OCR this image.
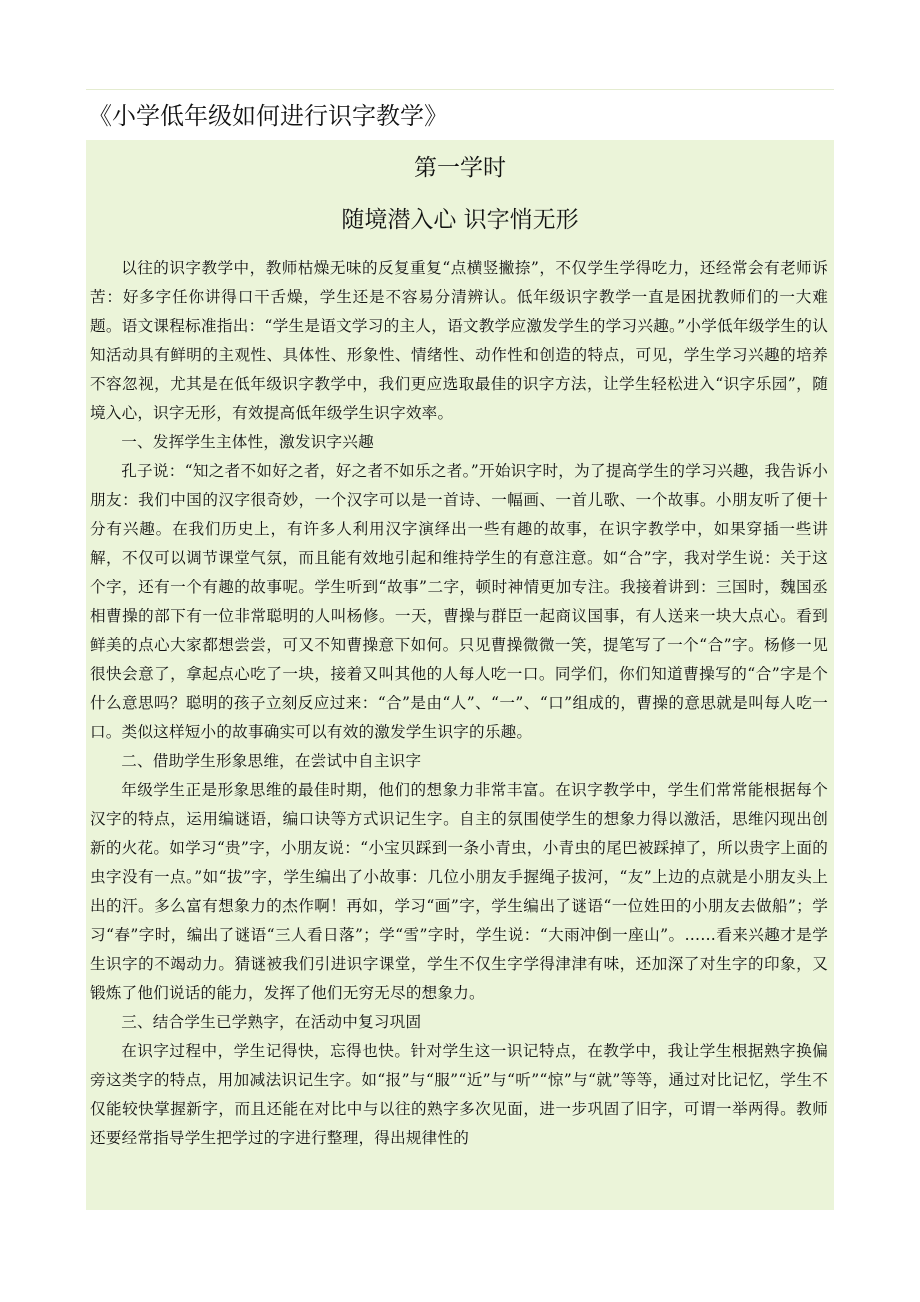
《小学低年级如何进行识字教学》
第一学时
随境潜入心 识字悄无形

以往的识字教学中，教师枯燥无味的反复重复“点横竖撇捺”，不仅学生学得吃力，还经常会有老师诉苦：好多字任你讲得口干舌燥，学生还是不容易分清辨认。低年级识字教学一直是困扰教师们的一大难题。语文课程标准指出：“学生是语文学习的主人，语文教学应激发学生的学习兴趣。”小学低年级学生的认知活动具有鲜明的主观性、具体性、形象性、情绪性、动作性和创造的特点，可见，学生学习兴趣的培养不容忽视，尤其是在低年级识字教学中，我们更应选取最佳的识字方法，让学生轻松进入“识字乐园”，随境入心，识字无形，有效提高低年级学生识字效率。

一、发挥学生主体性，激发识字兴趣

孔子说：“知之者不如好之者，好之者不如乐之者。”开始识字时，为了提高学生的学习兴趣，我告诉小朋友：我们中国的汉字很奇妙，一个汉字可以是一首诗、一幅画、一首儿歌、一个故事。小朋友听了便十分有兴趣。在我们历史上，有许多人利用汉字演绎出一些有趣的故事，在识字教学中，如果穿插一些讲解，不仅可以调节课堂气氛，而且能有效地引起和维持学生的有意注意。如“合”字，我对学生说：关于这个字，还有一个有趣的故事呢。学生听到“故事”二字，顿时神情更加专注。我接着讲到：三国时，魏国丞相曹操的部下有一位非常聪明的人叫杨修。一天，曹操与群臣一起商议国事，有人送来一块大点心。看到鲜美的点心大家都想尝尝，可又不知曹操意下如何。只见曹操微微一笑，提笔写了一个“合”字。杨修一见很快会意了，拿起点心吃了一块，接着又叫其他的人每人吃一口。同学们，你们知道曹操写的“合”字是个什么意思吗？聪明的孩子立刻反应过来：“合”是由“人”、“一”、“口”组成的，曹操的意思就是叫每人吃一口。类似这样短小的故事确实可以有效的激发学生识字的乐趣。

二、借助学生形象思维，在尝试中自主识字

年级学生正是形象思维的最佳时期，他们的想象力非常丰富。在识字教学中，学生们常常能根据每个汉字的特点，运用编谜语，编口诀等方式识记生字。自主的氛围使学生的想象力得以激活，思维闪现出创新的火花。如学习“贵”字，小朋友说：“小宝贝踩到一条小青虫，小青虫的尾巴被踩掉了，所以贵字上面的虫字没有一点。”如“拔”字，学生编出了小故事：几位小朋友手握绳子拔河，“友”上边的点就是小朋友头上出的汗。多么富有想象力的杰作啊！再如，学习“画”字，学生编出了谜语“一位姓田的小朋友去做船”；学习“春”字时，编出了谜语“三人看日落”；学“雪”字时，学生说：“大雨冲倒一座山”。……看来兴趣才是学生识字的不竭动力。猜谜被我们引进识字课堂，学生不仅生字学得津津有味，还加深了对生字的印象，又锻炼了他们说话的能力，发挥了他们无穷无尽的想象力。

三、结合学生已学熟字，在活动中复习巩固

在识字过程中，学生记得快，忘得也快。针对学生这一识记特点，在教学中，我让学生根据熟字换偏旁这类字的特点，用加减法识记生字。如“报”与“服”“近”与“听”“惊”与“就”等等，通过对比记忆，学生不仅能较快掌握新字，而且还能在对比中与以往的熟字多次见面，进一步巩固了旧字，可谓一举两得。教师还要经常指导学生把学过的字进行整理，得出规律性的
